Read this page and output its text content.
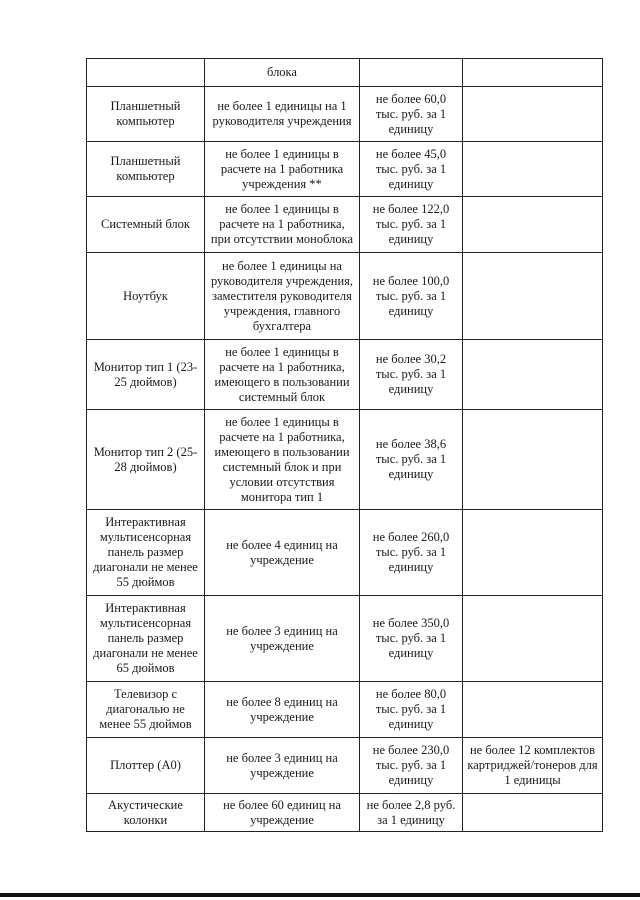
	блока		
Планшетный компьютер	не более 1 единицы на 1 руководителя учреждения	не более 60,0 тыс. руб. за 1 единицу	
Планшетный компьютер	не более 1 единицы в расчете на 1 работника учреждения **	не более 45,0 тыс. руб. за 1 единицу	
Системный блок	не более 1 единицы в расчете на 1 работника, при отсутствии моноблока	не более 122,0 тыс. руб. за 1 единицу	
Ноутбук	не более 1 единицы на руководителя учреждения, заместителя руководителя учреждения, главного бухгалтера	не более 100,0 тыс. руб. за 1 единицу	
Монитор тип 1 (23-25 дюймов)	не более 1 единицы в расчете на 1 работника, имеющего в пользовании системный блок	не более 30,2 тыс. руб. за 1 единицу	
Монитор тип 2 (25-28 дюймов)	не более 1 единицы в расчете на 1 работника, имеющего в пользовании системный блок и при условии отсутствия монитора тип 1	не более 38,6 тыс. руб. за 1 единицу	
Интерактивная мультисенсорная панель размер диагонали не менее 55 дюймов	не более 4 единиц на учреждение	не более 260,0 тыс. руб. за 1 единицу	
Интерактивная мультисенсорная панель размер диагонали не менее 65 дюймов	не более 3 единиц на учреждение	не более 350,0 тыс. руб. за 1 единицу	
Телевизор с диагональю не менее 55 дюймов	не более 8 единиц на учреждение	не более 80,0 тыс. руб. за 1 единицу	
Плоттер (А0)	не более 3 единиц на учреждение	не более 230,0 тыс. руб. за 1 единицу	не более 12 комплектов картриджей/тонеров для 1 единицы
Акустические колонки	не более 60 единиц на учреждение	не более 2,8 руб. за 1 единицу	
